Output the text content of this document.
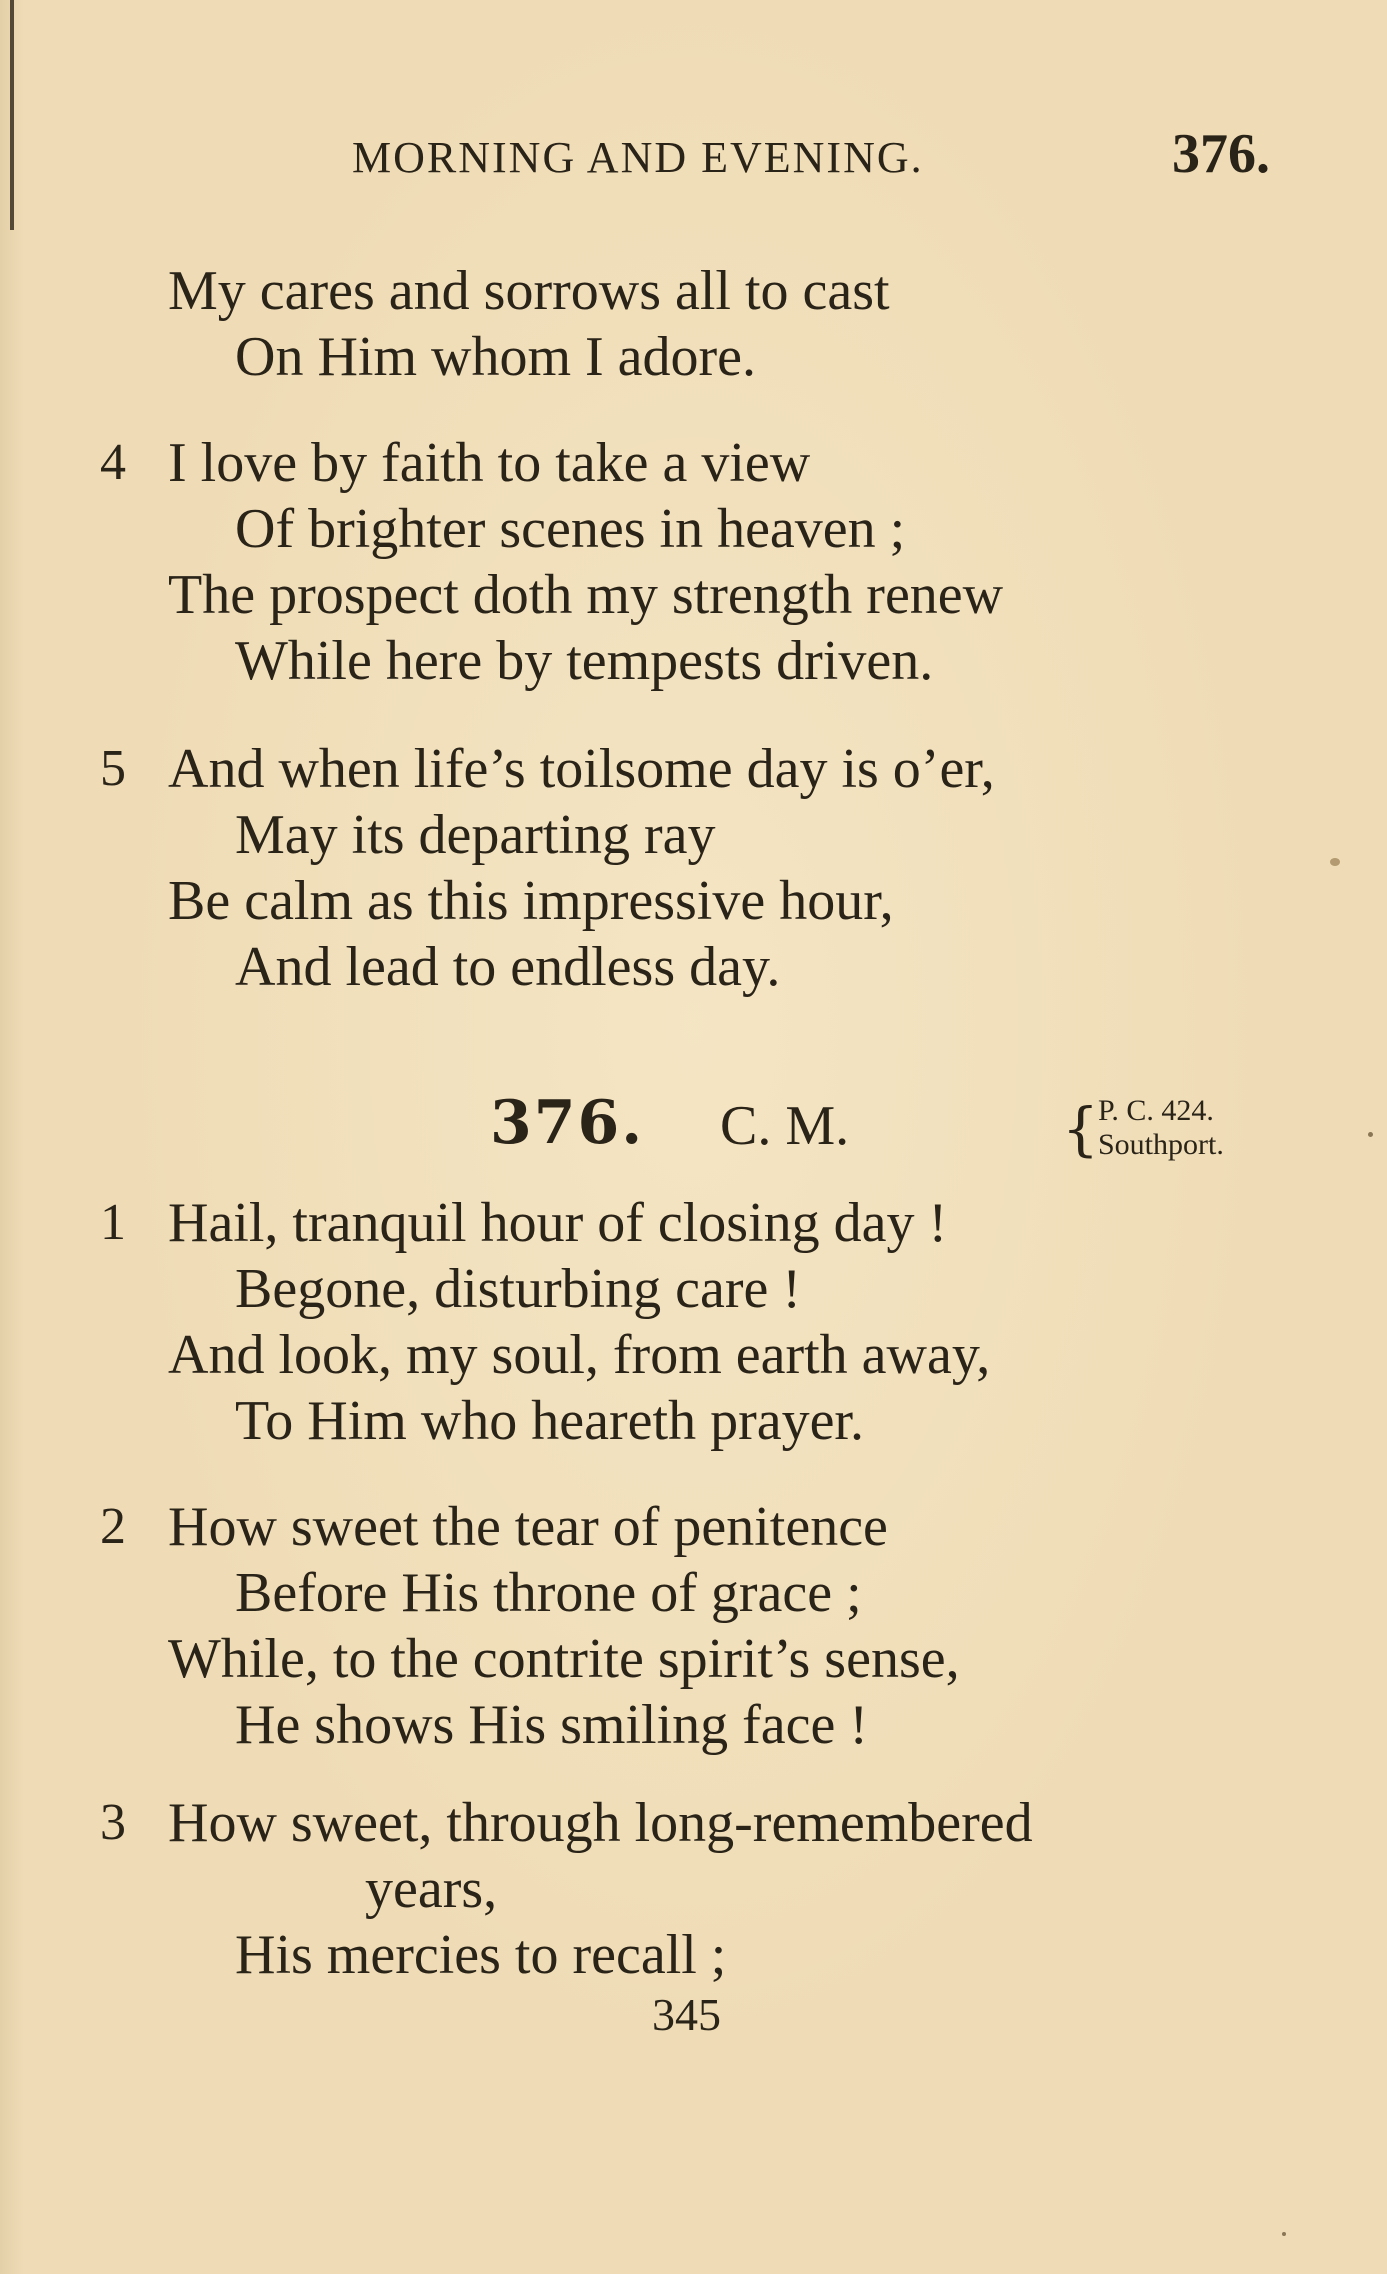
MORNING AND EVENING.	376.
My cares and sorrows all to cast
On Him whom I adore.
4 I love by faith to take a view
Of brighter scenes in heaven ;
The prospect doth my strength renew
While here by tempests driven.
5 And when life’s toilsome day is o’er,
May its departing ray
Be calm as this impressive hour,
And lead to endless day.
376. C. M.	{ P. C. 424.
Southport.
1 Hail, tranquil hour of closing day !
Begone, disturbing care !
And look, my soul, from earth away,
To Him who heareth prayer.
2 How sweet the tear of penitence
Before His throne of grace ;
While, to the contrite spirit’s sense,
He shows His smiling face !
3 How sweet, through long-remembered
years,
His mercies to recall ;
345
